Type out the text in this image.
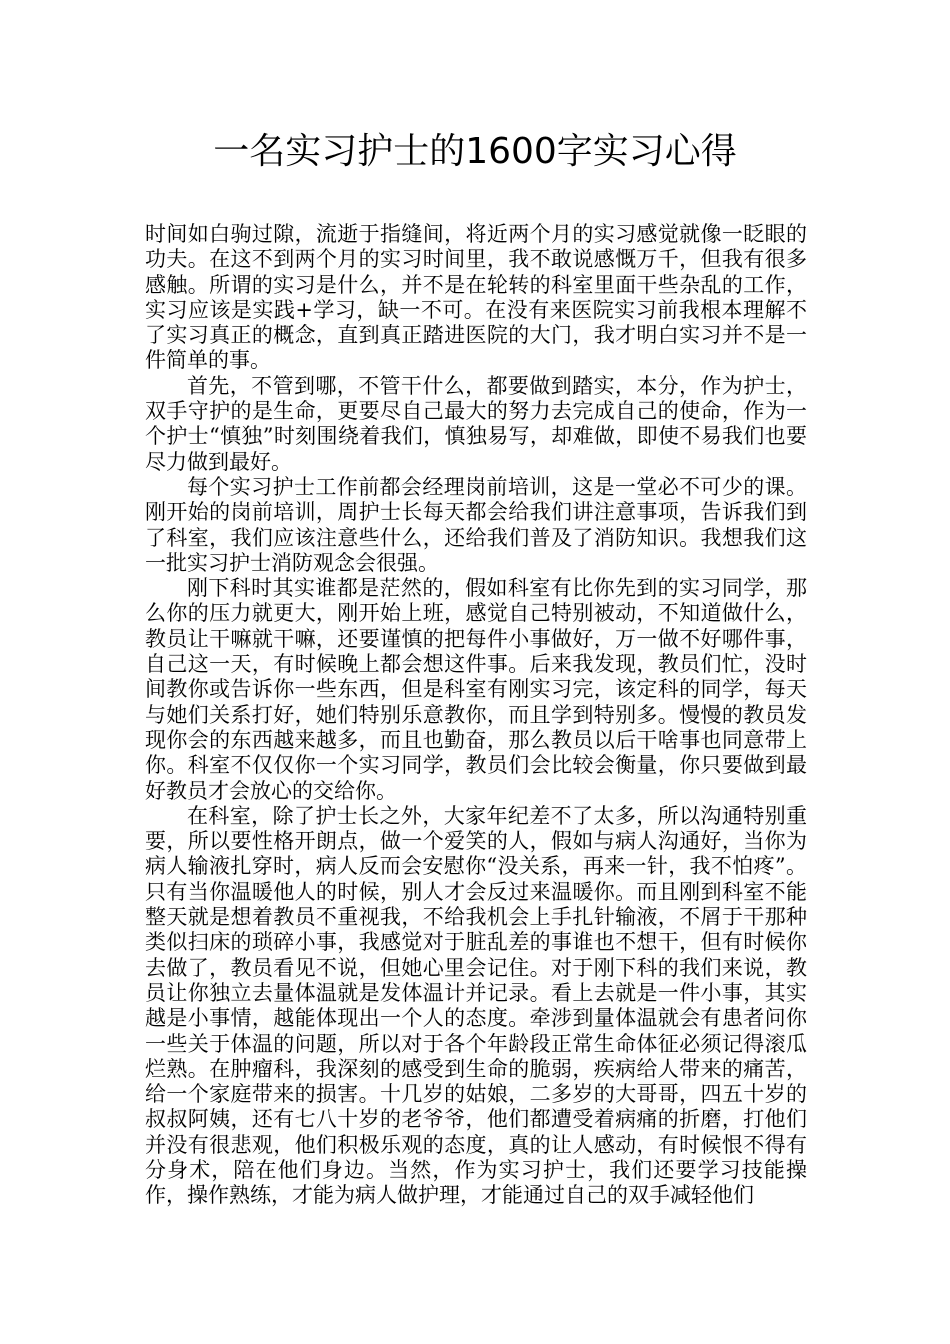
一名实习护士的1600字实习心得

时间如白驹过隙，流逝于指缝间，将近两个月的实习感觉就像一眨眼的功夫。在这不到两个月的实习时间里，我不敢说感慨万千，但我有很多感触。所谓的实习是什么，并不是在轮转的科室里面干些杂乱的工作，实习应该是实践+学习，缺一不可。在没有来医院实习前我根本理解不了实习真正的概念，直到真正踏进医院的大门，我才明白实习并不是一件简单的事。

首先，不管到哪，不管干什么，都要做到踏实，本分，作为护士，双手守护的是生命，更要尽自己最大的努力去完成自己的使命，作为一个护士“慎独”时刻围绕着我们，慎独易写，却难做，即使不易我们也要尽力做到最好。

每个实习护士工作前都会经理岗前培训，这是一堂必不可少的课。刚开始的岗前培训，周护士长每天都会给我们讲注意事项，告诉我们到了科室，我们应该注意些什么，还给我们普及了消防知识。我想我们这一批实习护士消防观念会很强。

刚下科时其实谁都是茫然的，假如科室有比你先到的实习同学，那么你的压力就更大，刚开始上班，感觉自己特别被动，不知道做什么，教员让干嘛就干嘛，还要谨慎的把每件小事做好，万一做不好哪件事，自己这一天，有时候晚上都会想这件事。后来我发现，教员们忙，没时间教你或告诉你一些东西，但是科室有刚实习完，该定科的同学，每天与她们关系打好，她们特别乐意教你，而且学到特别多。慢慢的教员发现你会的东西越来越多，而且也勤奋，那么教员以后干啥事也同意带上你。科室不仅仅你一个实习同学，教员们会比较会衡量，你只要做到最好教员才会放心的交给你。

在科室，除了护士长之外，大家年纪差不了太多，所以沟通特别重要，所以要性格开朗点，做一个爱笑的人，假如与病人沟通好，当你为病人输液扎穿时，病人反而会安慰你“没关系，再来一针，我不怕疼”。只有当你温暖他人的时候，别人才会反过来温暖你。而且刚到科室不能整天就是想着教员不重视我，不给我机会上手扎针输液，不屑于干那种类似扫床的琐碎小事，我感觉对于脏乱差的事谁也不想干，但有时候你去做了，教员看见不说，但她心里会记住。对于刚下科的我们来说，教员让你独立去量体温就是发体温计并记录。看上去就是一件小事，其实越是小事情，越能体现出一个人的态度。牵涉到量体温就会有患者问你一些关于体温的问题，所以对于各个年龄段正常生命体征必须记得滚瓜烂熟。在肿瘤科，我深刻的感受到生命的脆弱，疾病给人带来的痛苦，给一个家庭带来的损害。十几岁的姑娘，二多岁的大哥哥，四五十岁的叔叔阿姨，还有七八十岁的老爷爷，他们都遭受着病痛的折磨，打他们并没有很悲观，他们积极乐观的态度，真的让人感动，有时候恨不得有分身术，陪在他们身边。当然，作为实习护士，我们还要学习技能操作，操作熟练，才能为病人做护理，才能通过自己的双手减轻他们
